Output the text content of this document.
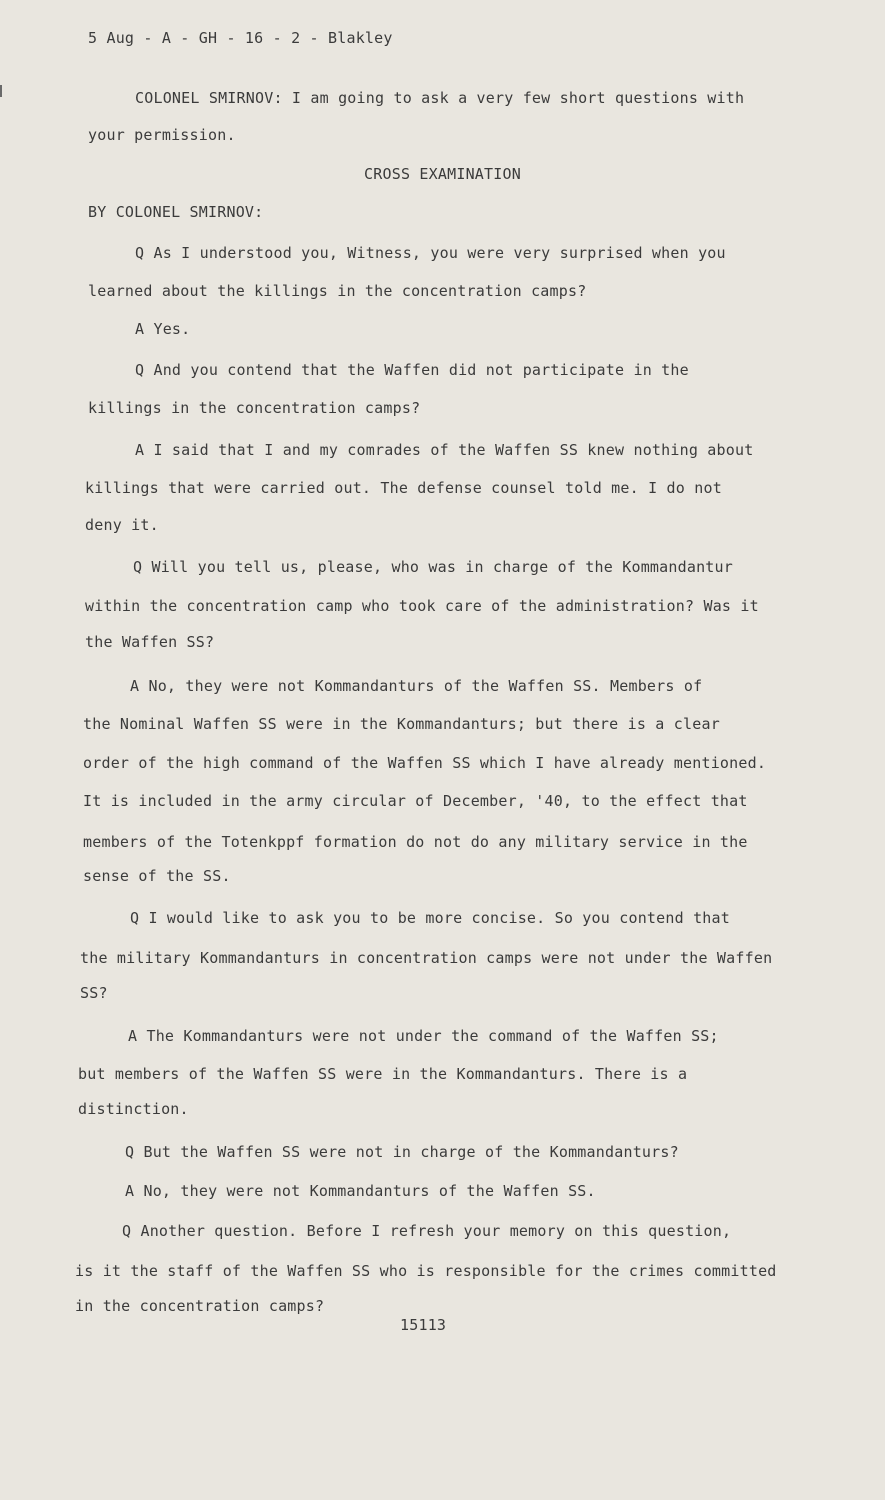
5 Aug - A - GH - 16 - 2 - Blakley
COLONEL SMIRNOV: I am going to ask a very few short questions with
your permission.
CROSS EXAMINATION
BY COLONEL SMIRNOV:
Q As I understood you, Witness, you were very surprised when you
learned about the killings in the concentration camps?
A Yes.
Q And you contend that the Waffen did not participate in the
killings in the concentration camps?
A I said that I and my comrades of the Waffen SS knew nothing about
killings that were carried out. The defense counsel told me. I do not
deny it.
Q Will you tell us, please, who was in charge of the Kommandantur
within the concentration camp who took care of the administration? Was it
the Waffen SS?
A No, they were not Kommandanturs of the Waffen SS. Members of
the Nominal Waffen SS were in the Kommandanturs; but there is a clear
order of the high command of the Waffen SS which I have already mentioned.
It is included in the army circular of December, '40, to the effect that
members of the Totenkppf formation do not do any military service in the
sense of the SS.
Q I would like to ask you to be more concise. So you contend that
the military Kommandanturs in concentration camps were not under the Waffen
SS?
A The Kommandanturs were not under the command of the Waffen SS;
but members of the Waffen SS were in the Kommandanturs. There is a
distinction.
Q But the Waffen SS were not in charge of the Kommandanturs?
A No, they were not Kommandanturs of the Waffen SS.
Q Another question. Before I refresh your memory on this question,
is it the staff of the Waffen SS who is responsible for the crimes committed
in the concentration camps?
15113
